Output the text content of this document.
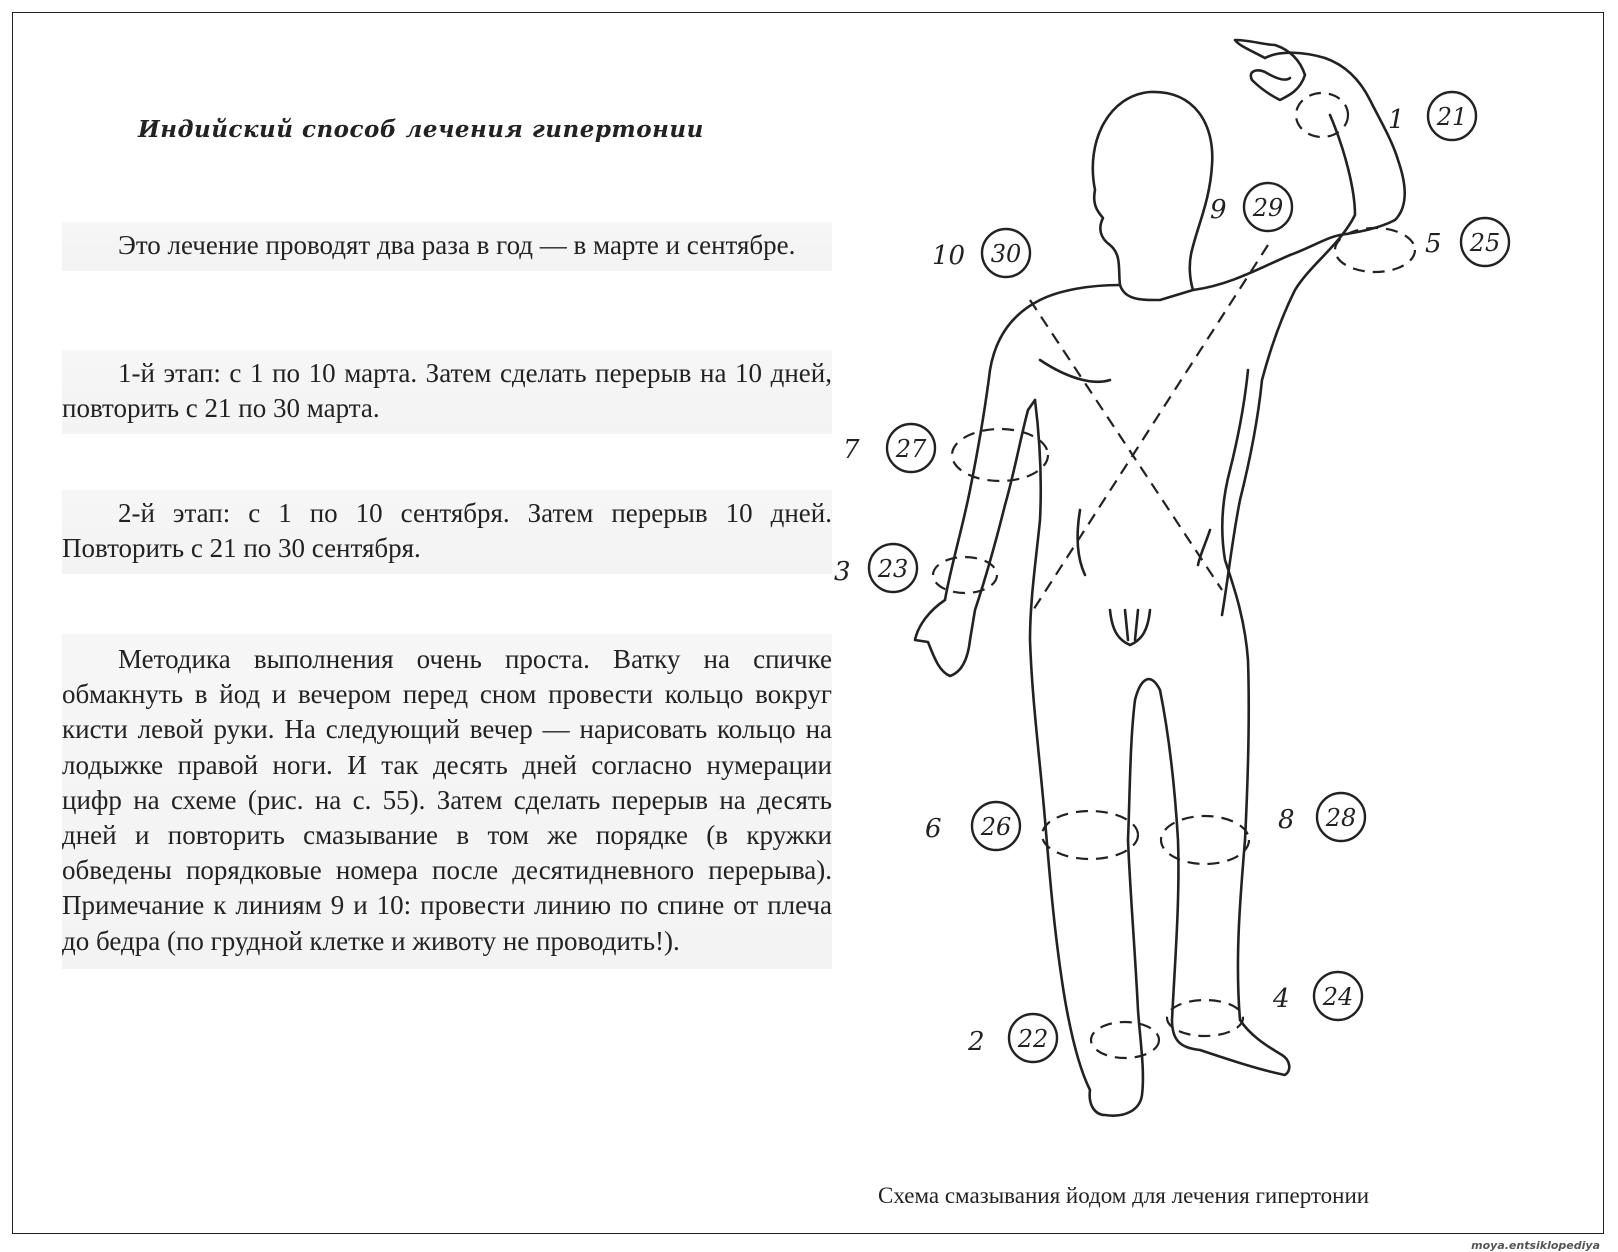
Индийский способ лечения гипертонии
Это лечение проводят два раза в год — в марте и сентябре.
1-й этап: с 1 по 10 марта. Затем сделать перерыв на 10 дней, повторить с 21 по 30 марта.
2-й этап: с 1 по 10 сентября. Затем перерыв 10 дней. Повторить с 21 по 30 сентября.
Методика выполнения очень проста. Ватку на спичке обмакнуть в йод и вечером перед сном провести кольцо вокруг кисти левой руки. На следующий вечер — нарисовать кольцо на лодыжке правой ноги. И так десять дней согласно нумерации цифр на схеме (рис. на с. 55). Затем сделать перерыв на десять дней и повторить смазывание в том же порядке (в кружки обведены порядковые номера после десятидневного перерыва). Примечание к линиям 9 и 10: провести линию по спине от плеча до бедра (по грудной клетке и животу не проводить!).
1 21
9 29
10 30	5 25
7 27
3 23
6 26	8 28
4 24
2 22
Схема смазывания йодом для лечения гипертонии
moya.entsiklopediya
